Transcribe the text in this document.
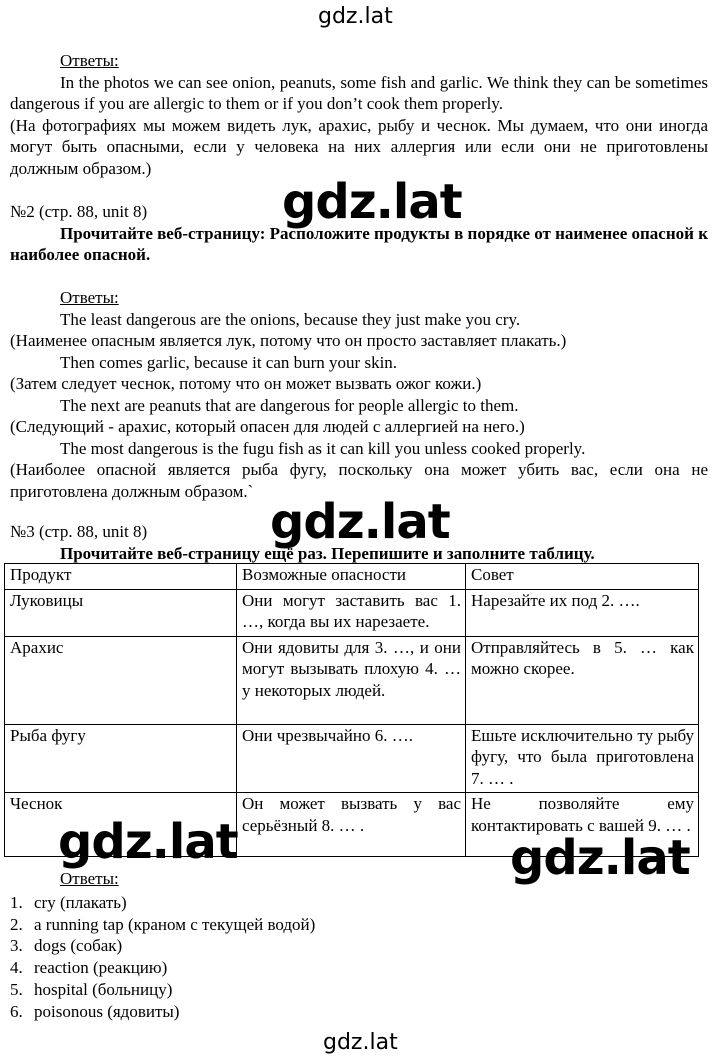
gdz.lat
gdz.lat
gdz.lat
gdz.lat	gdz.lat
gdz.lat

Ответы:

In the photos we can see onion, peanuts, some fish and garlic. We think they can be sometimes dangerous if you are allergic to them or if you don’t cook them properly.

(На фотографиях мы можем видеть лук, арахис, рыбу и чеснок. Мы думаем, что они иногда могут быть опасными, если у человека на них аллергия или если они не приготовлены должным образом.)

№2 (стр. 88, unit 8)

Прочитайте веб-страницу: Расположите продукты в порядке от наименее опасной к наиболее опасной.

Ответы:

The least dangerous are the onions, because they just make you cry.

(Наименее опасным является лук, потому что он просто заставляет плакать.)

Then comes garlic, because it can burn your skin.

(Затем следует чеснок, потому что он может вызвать ожог кожи.)

The next are peanuts that are dangerous for people allergic to them.

(Следующий - арахис, который опасен для людей с аллергией на него.)

The most dangerous is the fugu fish as it can kill you unless cooked properly.

(Наиболее опасной является рыба фугу, поскольку она может убить вас, если она не приготовлена должным образом.`

№3 (стр. 88, unit 8)

Прочитайте веб-страницу ещё раз. Перепишите и заполните таблицу.

Продукт	Возможные опасности	Совет
Луковицы	Они могут заставить вас 1. …, когда вы их нарезаете.	Нарезайте их под 2. ….
Арахис	Они ядовиты для 3. …, и они могут вызывать плохую 4. … у некоторых людей.	Отправляйтесь в 5. … как можно скорее.
Рыба фугу	Они чрезвычайно 6. ….	Ешьте исключительно ту рыбу фугу, что была приготовлена 7. … .
Чеснок	Он может вызвать у вас серьёзный 8. … .	Не позволяйте ему контактировать с вашей 9. … .

Ответы:

1. cry (плакать)
2. a running tap (краном с текущей водой)
3. dogs (собак)
4. reaction (реакцию)
5. hospital (больницу)
6. poisonous (ядовиты)
